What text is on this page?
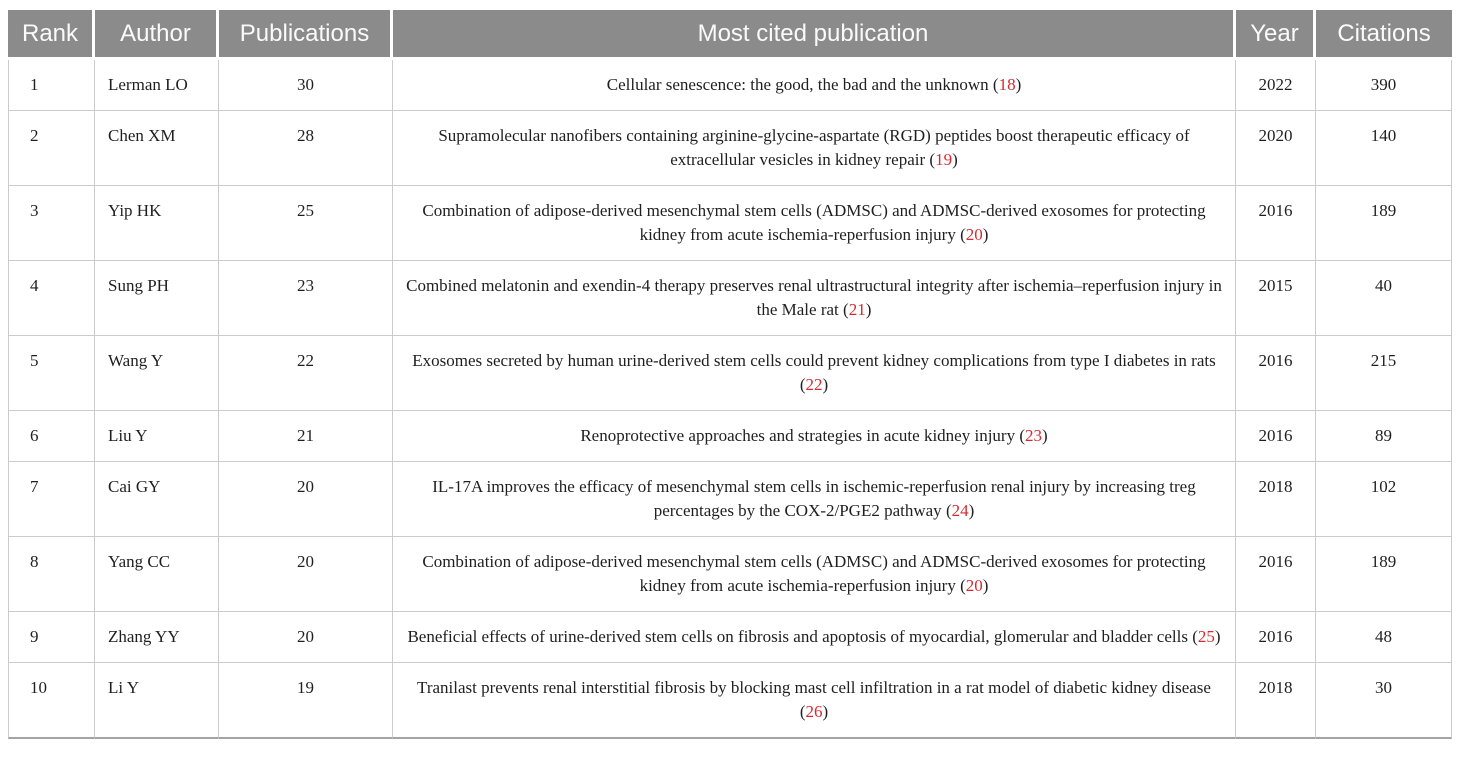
Rank	Author	Publications	Most cited publication	Year	Citations
1	Lerman LO	30	Cellular senescence: the good, the bad and the unknown (18)	2022	390
2	Chen XM	28	Supramolecular nanofibers containing arginine-glycine-aspartate (RGD) peptides boost therapeutic efficacy of extracellular vesicles in kidney repair (19)	2020	140
3	Yip HK	25	Combination of adipose-derived mesenchymal stem cells (ADMSC) and ADMSC-derived exosomes for protecting kidney from acute ischemia-reperfusion injury (20)	2016	189
4	Sung PH	23	Combined melatonin and exendin-4 therapy preserves renal ultrastructural integrity after ischemia–reperfusion injury in the Male rat (21)	2015	40
5	Wang Y	22	Exosomes secreted by human urine-derived stem cells could prevent kidney complications from type I diabetes in rats (22)	2016	215
6	Liu Y	21	Renoprotective approaches and strategies in acute kidney injury (23)	2016	89
7	Cai GY	20	IL-17A improves the efficacy of mesenchymal stem cells in ischemic-reperfusion renal injury by increasing treg percentages by the COX-2/PGE2 pathway (24)	2018	102
8	Yang CC	20	Combination of adipose-derived mesenchymal stem cells (ADMSC) and ADMSC-derived exosomes for protecting kidney from acute ischemia-reperfusion injury (20)	2016	189
9	Zhang YY	20	Beneficial effects of urine-derived stem cells on fibrosis and apoptosis of myocardial, glomerular and bladder cells (25)	2016	48
10	Li Y	19	Tranilast prevents renal interstitial fibrosis by blocking mast cell infiltration in a rat model of diabetic kidney disease (26)	2018	30
